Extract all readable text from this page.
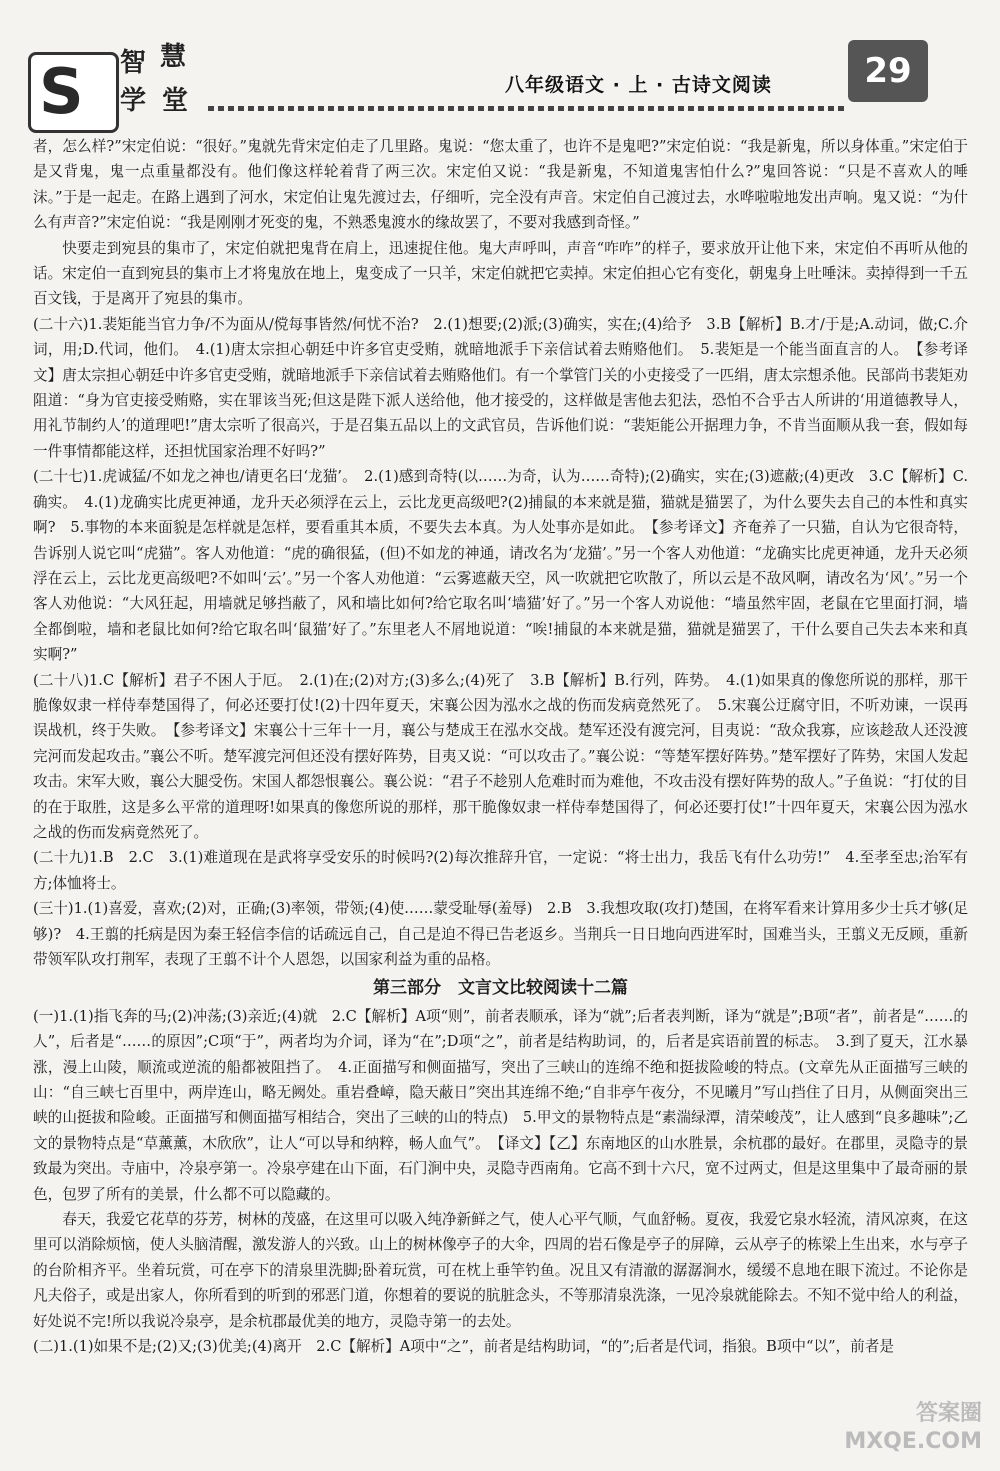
S 智 慧
学 堂
八年级语文 · 上 · 古诗文阅读	29

者，怎么样?”宋定伯说：“很好。”鬼就先背宋定伯走了几里路。鬼说：“您太重了，也许不是鬼吧?”宋定伯说：“我是新鬼，所以身体重。”宋定伯于是又背鬼，鬼一点重量都没有。他们像这样轮着背了两三次。宋定伯又说：“我是新鬼，不知道鬼害怕什么?”鬼回答说：“只是不喜欢人的唾沫。”于是一起走。在路上遇到了河水，宋定伯让鬼先渡过去，仔细听，完全没有声音。宋定伯自己渡过去，水哗啦啦地发出声响。鬼又说：“为什么有声音?”宋定伯说：“我是刚刚才死变的鬼，不熟悉鬼渡水的缘故罢了，不要对我感到奇怪。”

快要走到宛县的集市了，宋定伯就把鬼背在肩上，迅速捉住他。鬼大声呼叫，声音“咋咋”的样子，要求放开让他下来，宋定伯不再听从他的话。宋定伯一直到宛县的集市上才将鬼放在地上，鬼变成了一只羊，宋定伯就把它卖掉。宋定伯担心它有变化，朝鬼身上吐唾沫。卖掉得到一千五百文钱，于是离开了宛县的集市。

(二十六)1.裴矩能当官力争/不为面从/傥每事皆然/何忧不治?　2.(1)想要;(2)派;(3)确实，实在;(4)给予　3.B【解析】B.才/于是;A.动词，做;C.介词，用;D.代词，他们。　4.(1)唐太宗担心朝廷中许多官吏受贿，就暗地派手下亲信试着去贿赂他们。　5.裴矩是一个能当面直言的人。　【参考译文】唐太宗担心朝廷中许多官吏受贿，就暗地派手下亲信试着去贿赂他们。有一个掌管门关的小吏接受了一匹绢，唐太宗想杀他。民部尚书裴矩劝阻道：“身为官吏接受贿赂，实在罪该当死;但这是陛下派人送给他，他才接受的，这样做是害他去犯法，恐怕不合乎古人所讲的‘用道德教导人，用礼节制约人’的道理吧!”唐太宗听了很高兴，于是召集五品以上的文武官员，告诉他们说：“裴矩能公开据理力争，不肯当面顺从我一套，假如每一件事情都能这样，还担忧国家治理不好吗?”

(二十七)1.虎诚猛/不如龙之神也/请更名曰‘龙猫’。　2.(1)感到奇特(以……为奇，认为……奇特);(2)确实，实在;(3)遮蔽;(4)更改　3.C【解析】C.确实。　4.(1)龙确实比虎更神通，龙升天必须浮在云上，云比龙更高级吧?(2)捕鼠的本来就是猫，猫就是猫罢了，为什么要失去自己的本性和真实啊?　5.事物的本来面貌是怎样就是怎样，要看重其本质，不要失去本真。为人处事亦是如此。　【参考译文】齐奄养了一只猫，自认为它很奇特，告诉别人说它叫“虎猫”。客人劝他道：“虎的确很猛，(但)不如龙的神通，请改名为‘龙猫’。”另一个客人劝他道：“龙确实比虎更神通，龙升天必须浮在云上，云比龙更高级吧?不如叫‘云’。”另一个客人劝他道：“云雾遮蔽天空，风一吹就把它吹散了，所以云是不敌风啊，请改名为‘风’。”另一个客人劝他说：“大风狂起，用墙就足够挡蔽了，风和墙比如何?给它取名叫‘墙猫’好了。”另一个客人劝说他：“墙虽然牢固，老鼠在它里面打洞，墙全都倒啦，墙和老鼠比如何?给它取名叫‘鼠猫’好了。”东里老人不屑地说道：“唉!捕鼠的本来就是猫，猫就是猫罢了，干什么要自己失去本来和真实啊?”

(二十八)1.C【解析】君子不困人于厄。　2.(1)在;(2)对方;(3)多么;(4)死了　3.B【解析】B.行列，阵势。　4.(1)如果真的像您所说的那样，那干脆像奴隶一样侍奉楚国得了，何必还要打仗!(2)十四年夏天，宋襄公因为泓水之战的伤而发病竟然死了。　5.宋襄公迂腐守旧，不听劝谏，一误再误战机，终于失败。　【参考译文】宋襄公十三年十一月，襄公与楚成王在泓水交战。楚军还没有渡完河，目夷说：“敌众我寡，应该趁敌人还没渡完河而发起攻击。”襄公不听。楚军渡完河但还没有摆好阵势，目夷又说：“可以攻击了。”襄公说：“等楚军摆好阵势。”楚军摆好了阵势，宋国人发起攻击。宋军大败，襄公大腿受伤。宋国人都怨恨襄公。襄公说：“君子不趁别人危难时而为难他，不攻击没有摆好阵势的敌人。”子鱼说：“打仗的目的在于取胜，这是多么平常的道理呀!如果真的像您所说的那样，那干脆像奴隶一样侍奉楚国得了，何必还要打仗!”十四年夏天，宋襄公因为泓水之战的伤而发病竟然死了。

(二十九)1.B　2.C　3.(1)难道现在是武将享受安乐的时候吗?(2)每次推辞升官，一定说：“将士出力，我岳飞有什么功劳!”　4.至孝至忠;治军有方;体恤将士。

(三十)1.(1)喜爱，喜欢;(2)对，正确;(3)率领，带领;(4)使……蒙受耻辱(羞辱)　2.B　3.我想攻取(攻打)楚国，在将军看来计算用多少士兵才够(足够)?　4.王翦的托病是因为秦王轻信李信的话疏远自己，自己是迫不得已告老返乡。当荆兵一日日地向西进军时，国难当头，王翦义无反顾，重新带领军队攻打荆军，表现了王翦不计个人恩怨，以国家利益为重的品格。

第三部分　文言文比较阅读十二篇

(一)1.(1)指飞奔的马;(2)冲荡;(3)亲近;(4)就　2.C【解析】A项“则”，前者表顺承，译为“就”;后者表判断，译为“就是”;B项“者”，前者是“……的人”，后者是“……的原因”;C项“于”，两者均为介词，译为“在”;D项“之”，前者是结构助词，的，后者是宾语前置的标志。　3.到了夏天，江水暴涨，漫上山陵，顺流或逆流的船都被阻挡了。　4.正面描写和侧面描写，突出了三峡山的连绵不绝和挺拔险峻的特点。(文章先从正面描写三峡的山：“自三峡七百里中，两岸连山，略无阙处。重岩叠嶂，隐天蔽日”突出其连绵不绝;“自非亭午夜分，不见曦月”写山挡住了日月，从侧面突出三峡的山挺拔和险峻。正面描写和侧面描写相结合，突出了三峡的山的特点)　5.甲文的景物特点是“素湍绿潭，清荣峻茂”，让人感到“良多趣味”;乙文的景物特点是“草薰薰，木欣欣”，让人“可以导和纳粹，畅人血气”。　【译文】【乙】东南地区的山水胜景，余杭郡的最好。在郡里，灵隐寺的景致最为突出。寺庙中，冷泉亭第一。冷泉亭建在山下面，石门涧中央，灵隐寺西南角。它高不到十六尺，宽不过两丈，但是这里集中了最奇丽的景色，包罗了所有的美景，什么都不可以隐藏的。

春天，我爱它花草的芬芳，树林的茂盛，在这里可以吸入纯净新鲜之气，使人心平气顺，气血舒畅。夏夜，我爱它泉水轻流，清风凉爽，在这里可以消除烦恼，使人头脑清醒，激发游人的兴致。山上的树林像亭子的大伞，四周的岩石像是亭子的屏障，云从亭子的栋梁上生出来，水与亭子的台阶相齐平。坐着玩赏，可在亭下的清泉里洗脚;卧着玩赏，可在枕上垂竿钓鱼。况且又有清澈的潺潺涧水，缓缓不息地在眼下流过。不论你是凡夫俗子，或是出家人，你所看到的听到的邪恶门道，你想着的要说的肮脏念头，不等那清泉洗涤，一见冷泉就能除去。不知不觉中给人的利益，好处说不完!所以我说冷泉亭，是余杭郡最优美的地方，灵隐寺第一的去处。

(二)1.(1)如果不是;(2)又;(3)优美;(4)离开　2.C【解析】A项中“之”，前者是结构助词，“的”;后者是代词，指狼。B项中“以”，前者是

答案圈 MXQE.COM
